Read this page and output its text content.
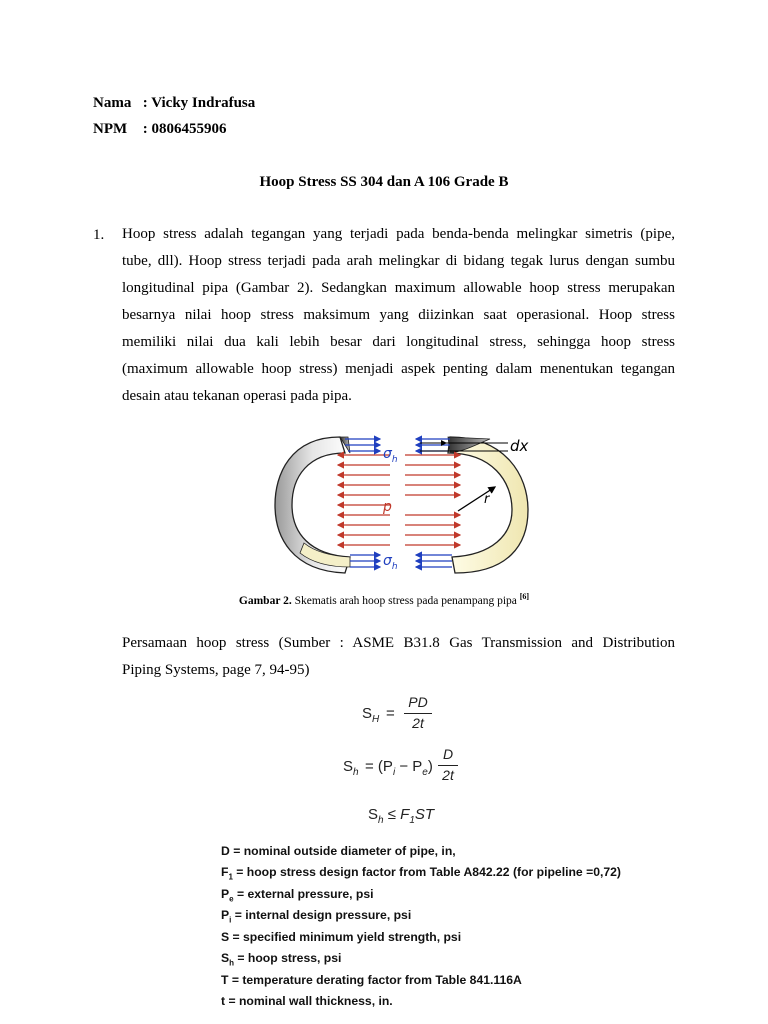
Nama : Vicky Indrafusa
NPM : 0806455906
Hoop Stress SS 304 dan A 106 Grade B
1. Hoop stress adalah tegangan yang terjadi pada benda-benda melingkar simetris (pipe,
tube, dll). Hoop stress terjadi pada arah melingkar di bidang tegak lurus dengan sumbu
longitudinal pipa (Gambar 2). Sedangkan maximum allowable hoop stress merupakan
besarnya nilai hoop stress maksimum yang diizinkan saat operasional. Hoop stress
memiliki nilai dua kali lebih besar dari longitudinal stress, sehingga hoop stress
(maximum allowable hoop stress) menjadi aspek penting dalam menentukan tegangan
desain atau tekanan operasi pada pipa.
$\sigma_h$
$\sigma_h$
p
dx
r
Gambar 2. Skematis arah hoop stress pada penampang pipa [6]
Persamaan hoop stress (Sumber : ASME B31.8 Gas Transmission and Distribution
Piping Systems, page 7, 94-95)
$S_H$ =
PD
2t
$S_h = (P_i - P_e)$
D
2t
$S_h \le F_1ST$
D = nominal outside diameter of pipe, in,
$F_1$ = hoop stress design factor from Table A842.22 (for pipeline =0,72)
$P_e$ = external pressure, psi
$P_i$ = internal design pressure, psi
S = specified minimum yield strength, psi
$S_h$ = hoop stress, psi
T = temperature derating factor from Table 841.116A
t = nominal wall thickness, in.
